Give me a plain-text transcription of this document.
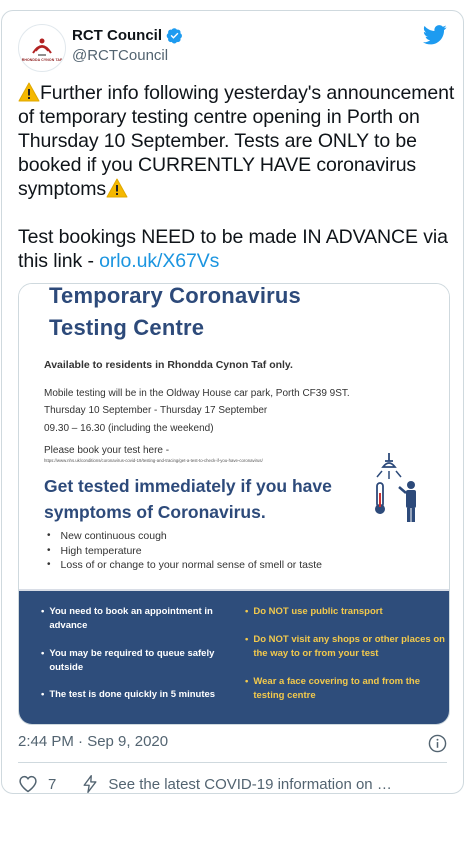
RHONDDA CYNON TAF
RCT Council
@RCTCouncil
Further info following yesterday's announcement of temporary testing centre opening in Porth on Thursday 10 September. Tests are ONLY to be booked if you CURRENTLY HAVE coronavirus symptoms

Test bookings NEED to be made IN ADVANCE via this link - orlo.uk/X67Vs
Temporary Coronavirus
Testing Centre
Available to residents in Rhondda Cynon Taf only.
Mobile testing will be in the Oldway House car park, Porth CF39 9ST.
Thursday 10 September - Thursday 17 September
09.30 – 16.30 (including the weekend)
Please book your test here -
https://www.nhs.uk/conditions/coronavirus-covid-19/testing-and-tracing/get-a-test-to-check-if-you-have-coronavirus/
Get tested immediately if you have
symptoms of Coronavirus.
• New continuous cough
• High temperature
• Loss of or change to your normal sense of smell or taste
• You need to book an appointment in advance
• You may be required to queue safely outside
• The test is done quickly in 5 minutes
• Do NOT use public transport
• Do NOT visit any shops or other places on the way to or from your test
• Wear a face covering to and from the testing centre
2:44 PM · Sep 9, 2020
7	See the latest COVID-19 information on …
